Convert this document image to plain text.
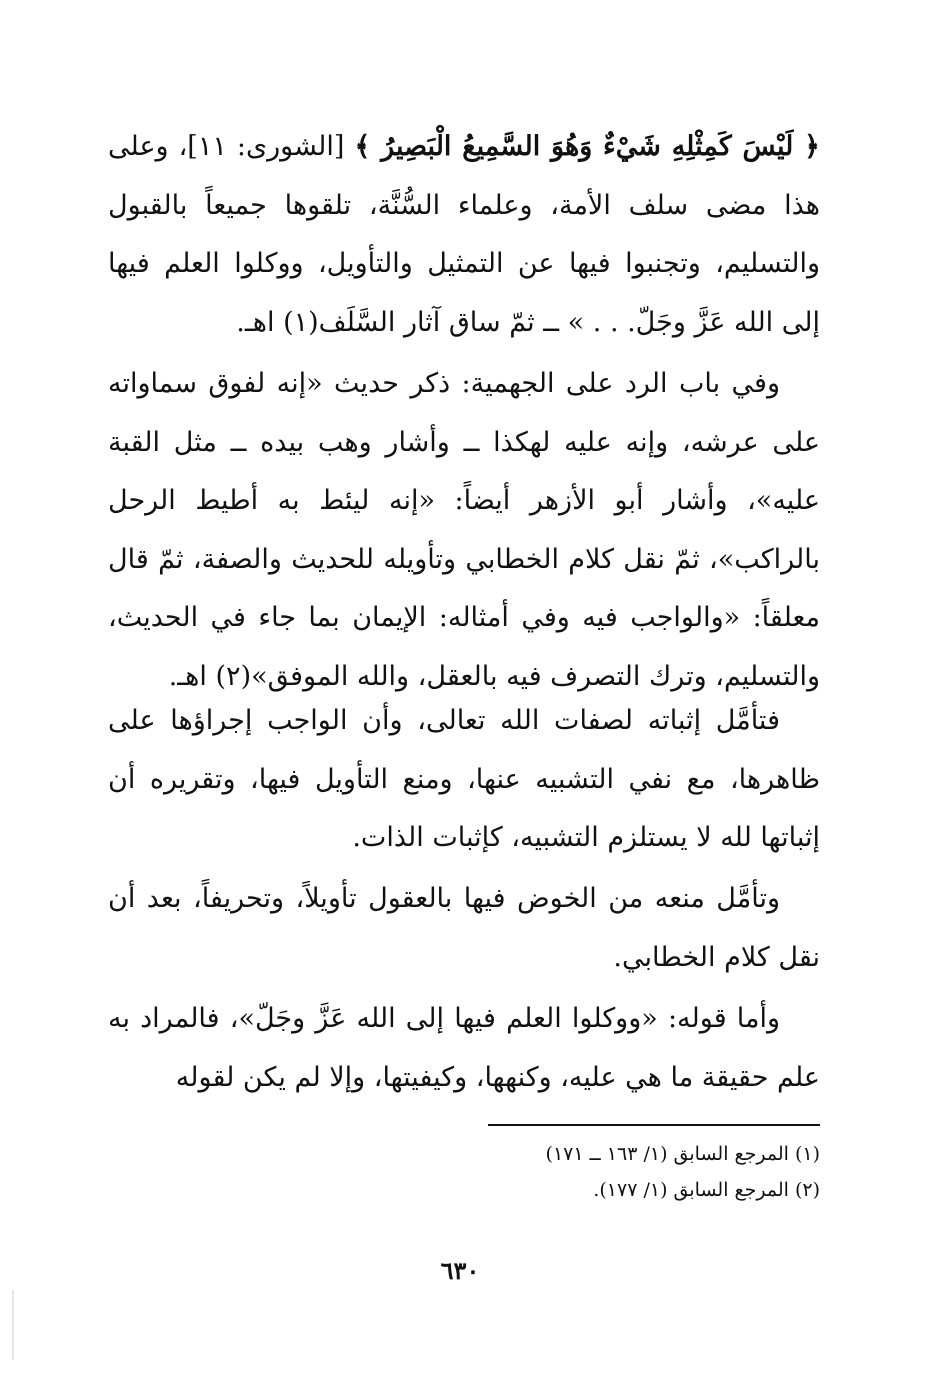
﴿ لَيْسَ كَمِثْلِهِ شَيْءٌ وَهُوَ السَّمِيعُ الْبَصِيرُ ﴾ [الشورى: ١١]، وعلى هذا مضى سلف الأمة، وعلماء السُّنَّة، تلقوها جميعاً بالقبول والتسليم، وتجنبوا فيها عن التمثيل والتأويل، ووكلوا العلم فيها إلى الله عَزَّ وجَلّ. . . » ــ ثمّ ساق آثار السَّلَف(١) اهـ.

وفي باب الرد على الجهمية: ذكر حديث «إنه لفوق سماواته على عرشه، وإنه عليه لهكذا ــ وأشار وهب بيده ــ مثل القبة عليه»، وأشار أبو الأزهر أيضاً: «إنه ليئط به أطيط الرحل بالراكب»، ثمّ نقل كلام الخطابي وتأويله للحديث والصفة، ثمّ قال معلقاً: «والواجب فيه وفي أمثاله: الإيمان بما جاء في الحديث، والتسليم، وترك التصرف فيه بالعقل، والله الموفق»(٢) اهـ.

فتأمَّل إثباته لصفات الله تعالى، وأن الواجب إجراؤها على ظاهرها، مع نفي التشبيه عنها، ومنع التأويل فيها، وتقريره أن إثباتها لله لا يستلزم التشبيه، كإثبات الذات.

وتأمَّل منعه من الخوض فيها بالعقول تأويلاً، وتحريفاً، بعد أن نقل كلام الخطابي.

وأما قوله: «ووكلوا العلم فيها إلى الله عَزَّ وجَلّ»، فالمراد به علم حقيقة ما هي عليه، وكنهها، وكيفيتها، وإلا لم يكن لقوله

(١) المرجع السابق (١/ ١٦٣ ــ ١٧١)
(٢) المرجع السابق (١/ ١٧٧).
٦٣٠
